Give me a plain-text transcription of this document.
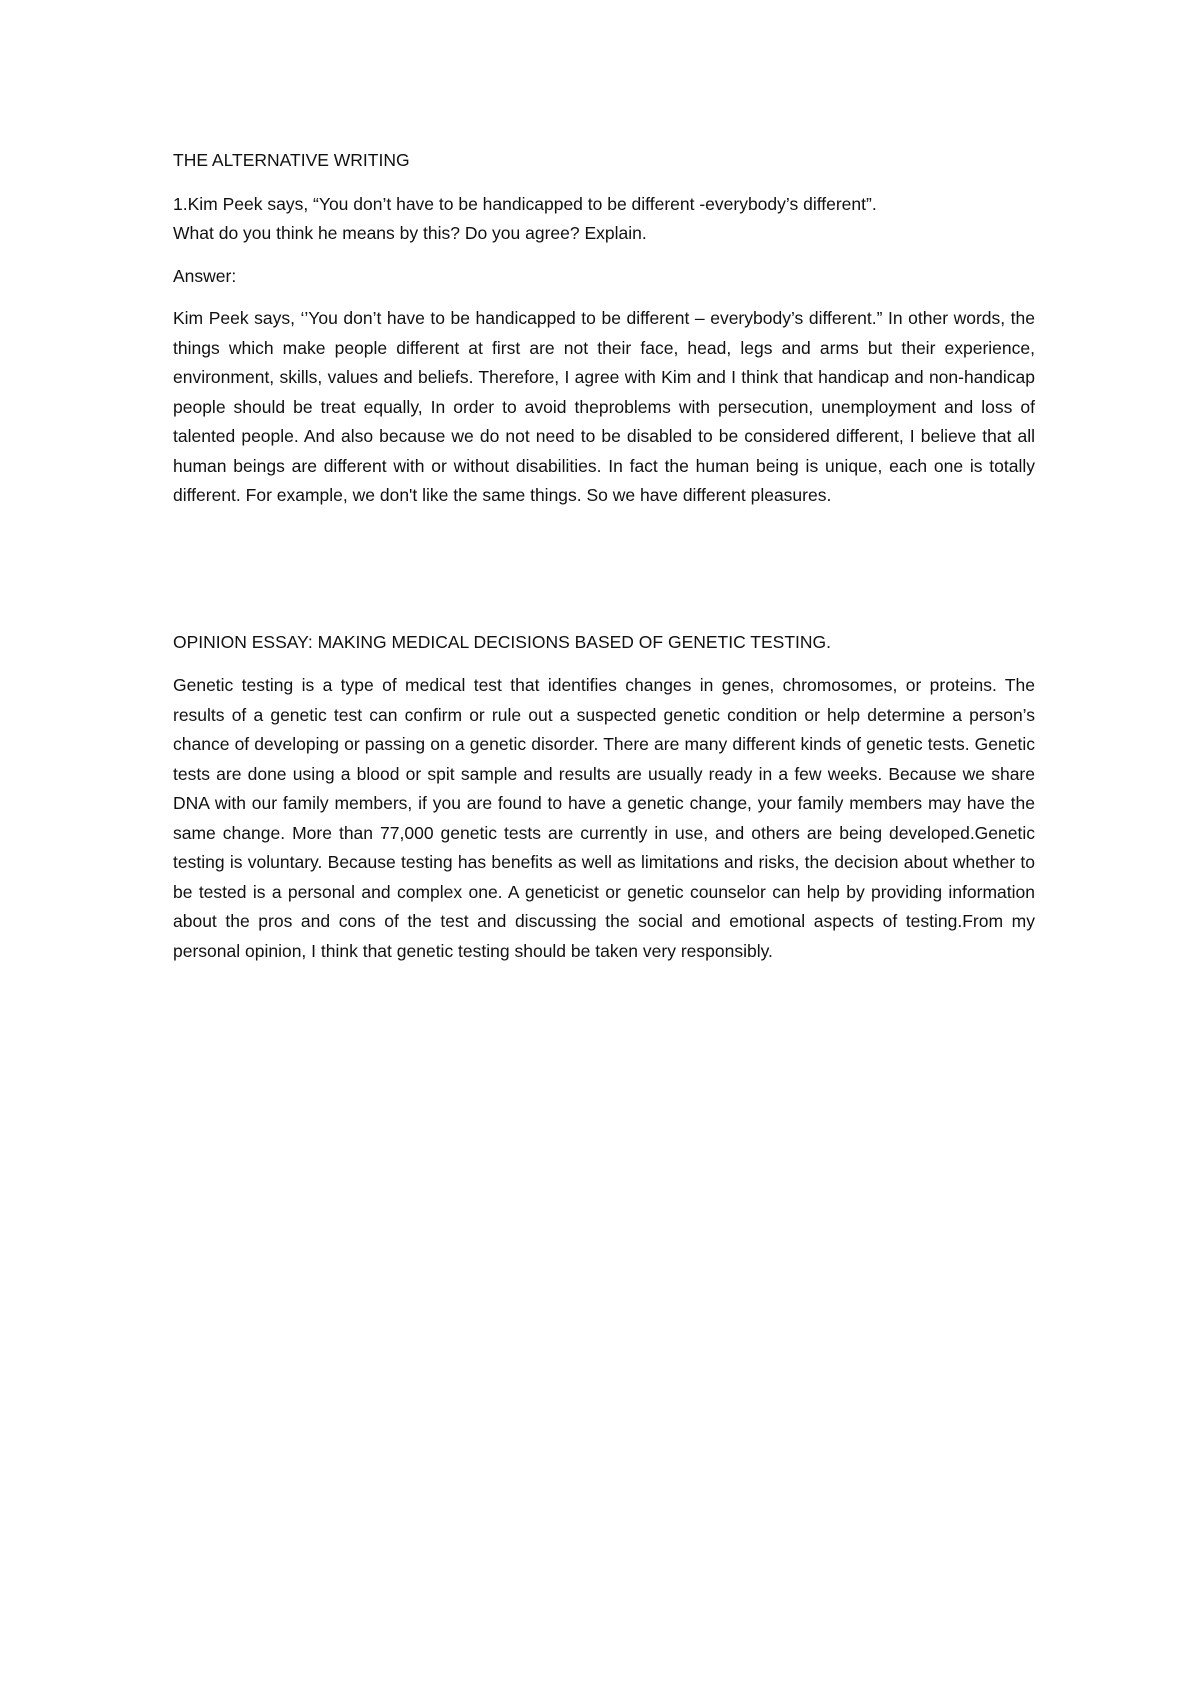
THE ALTERNATIVE WRITING

1.Kim Peek says, “You don’t have to be handicapped to be different -everybody’s different”.
What do you think he means by this? Do you agree? Explain.

Answer:

Kim Peek says, ‘’You don’t have to be handicapped to be different – everybody’s different.” In other words, the things which make people different at first are not their face, head, legs and arms but their experience, environment, skills, values and beliefs. Therefore, I agree with Kim and I think that handicap and non-handicap people should be treat equally, In order to avoid theproblems with persecution, unemployment and loss of talented people. And also because we do not need to be disabled to be considered different, I believe that all human beings are different with or without disabilities. In fact the human being is unique, each one is totally different. For example, we don't like the same things. So we have different pleasures.

OPINION ESSAY: MAKING MEDICAL DECISIONS BASED OF GENETIC TESTING.

Genetic testing is a type of medical test that identifies changes in genes, chromosomes, or proteins. The results of a genetic test can confirm or rule out a suspected genetic condition or help determine a person’s chance of developing or passing on a genetic disorder. There are many different kinds of genetic tests. Genetic tests are done using a blood or spit sample and results are usually ready in a few weeks. Because we share DNA with our family members, if you are found to have a genetic change, your family members may have the same change. More than 77,000 genetic tests are currently in use, and others are being developed.Genetic testing is voluntary. Because testing has benefits as well as limitations and risks, the decision about whether to be tested is a personal and complex one. A geneticist or genetic counselor can help by providing information about the pros and cons of the test and discussing the social and emotional aspects of testing.From my personal opinion, I think that genetic testing should be taken very responsibly.
